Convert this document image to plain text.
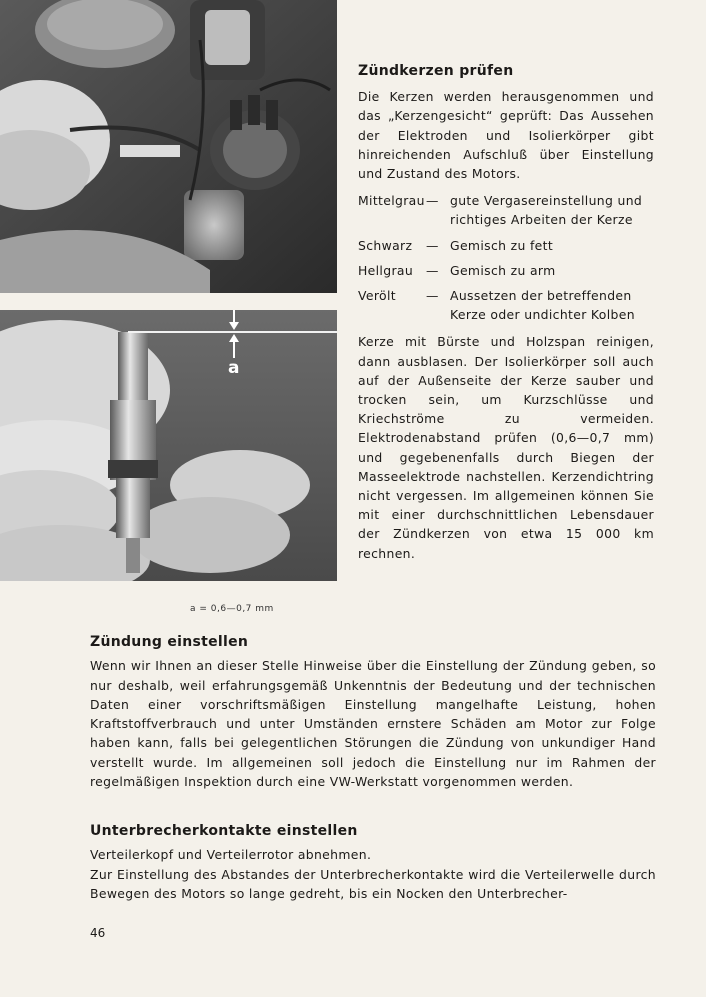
a
a = 0,6—0,7 mm
Zündkerzen prüfen

Die Kerzen werden herausgenommen und das „Kerzengesicht“ geprüft: Das Aussehen der Elektroden und Isolierkörper gibt hinreichenden Aufschluß über Einstellung und Zustand des Motors.

Mittelgrau — gute Vergasereinstellung und richtiges Arbeiten der Kerze
Schwarz	— Gemisch zu fett
Hellgrau	— Gemisch zu arm
Verölt	— Aussetzen der betreffenden Kerze oder undichter Kolben

Kerze mit Bürste und Holzspan reinigen, dann ausblasen. Der Isolierkörper soll auch auf der Außenseite der Kerze sauber und trocken sein, um Kurzschlüsse und Kriechströme zu vermeiden. Elektrodenabstand prüfen (0,6—0,7 mm) und gegebenenfalls durch Biegen der Masseelektrode nachstellen. Kerzendichtring nicht vergessen. Im allgemeinen können Sie mit einer durchschnittlichen Lebensdauer der Zündkerzen von etwa 15 000 km rechnen.

Zündung einstellen

Wenn wir Ihnen an dieser Stelle Hinweise über die Einstellung der Zündung geben, so nur deshalb, weil erfahrungsgemäß Unkenntnis der Bedeutung und der technischen Daten einer vorschriftsmäßigen Einstellung mangelhafte Leistung, hohen Kraftstoffverbrauch und unter Umständen ernstere Schäden am Motor zur Folge haben kann, falls bei gelegentlichen Störungen die Zündung von unkundiger Hand verstellt wurde. Im allgemeinen soll jedoch die Einstellung nur im Rahmen der regelmäßigen Inspektion durch eine VW-Werkstatt vorgenommen werden.

Unterbrecherkontakte einstellen

Verteilerkopf und Verteilerrotor abnehmen.

Zur Einstellung des Abstandes der Unterbrecherkontakte wird die Verteilerwelle durch Bewegen des Motors so lange gedreht, bis ein Nocken den Unterbrecher-

46
